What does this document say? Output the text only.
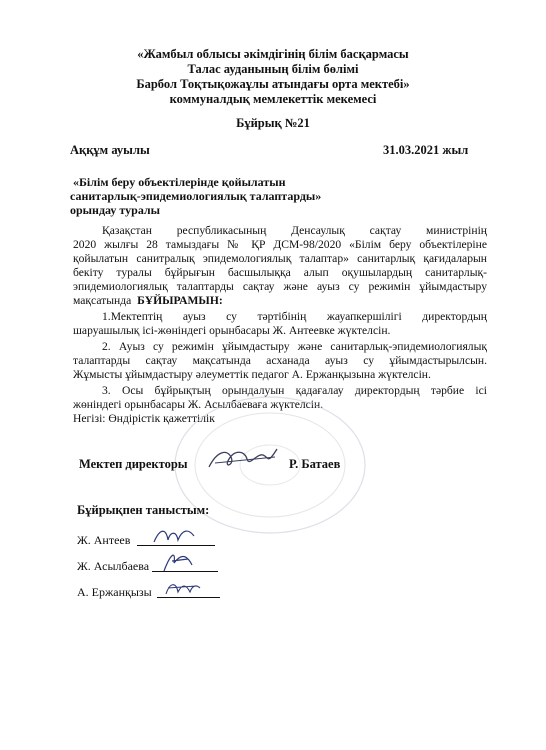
«Жамбыл облысы әкімдігінің білім басқармасы
Талас ауданының білім бөлімі
Барбол Тоқтықожаұлы атындағы орта мектебі»
коммуналдық мемлекеттік мекемесі
Бұйрық №21
Аққұм ауылы	31.03.2021 жыл
«Білім беру объектілерінде қойылатын
санитарлық-эпидемиологиялық талаптарды»
орындау туралы
Қазақстан республикасының Денсаулық сақтау министрінің
2020 жылғы 28 тамыздағы № ҚР ДСМ-98/2020 «Білім беру объектілеріне
қойылатын санитралық эпидемологиялық талаптар» санитарлық қағидаларын
бекіту туралы бұйрығын басшылыққа алып оқушылардың санитарлық-
эпидемиологиялық талаптарды сақтау және ауыз су режимін ұйымдастыру
мақсатында БҰЙЫРАМЫН:
1.Мектептің ауыз су тәртібінің жауапкершілігі директордың
шаруашылық ісі-жөніндегі орынбасары Ж. Антеевке жүктелсін.
2. Ауыз су режимін ұйымдастыру және санитарлық-эпидемиологиялық
талаптарды сақтау мақсатында асханада ауыз су ұйымдастырылсын.
Жұмысты ұйымдастыру әлеуметтік педагог А. Ержанқызына жүктелсін.
3. Осы бұйрықтың орындалуын қадағалау директордың тәрбие ісі
жөніндегі орынбасары Ж. Асылбаеваға жүктелсін.
Негізі: Өндірістік қажеттілік
Мектеп директоры	Р. Батаев
Бұйрықпен таныстым:
Ж. Антеев
Ж. Асылбаева
А. Ержанқызы
